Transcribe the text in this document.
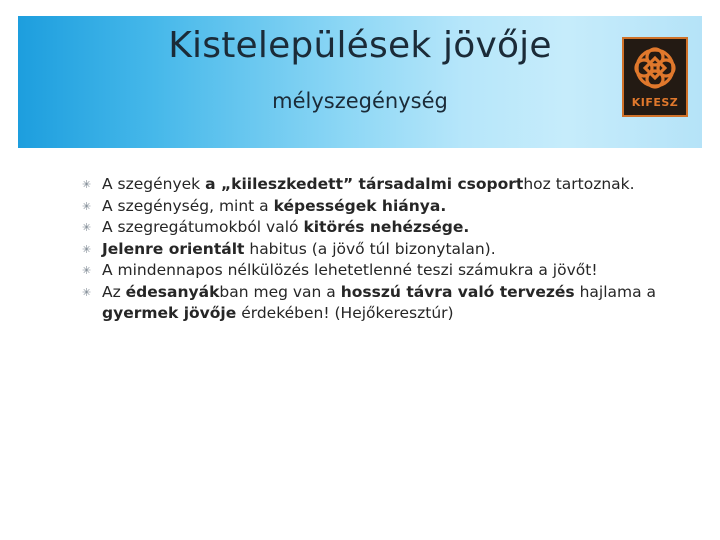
Kistelepülések jövője
mélyszegénység	KIFESZ
✳ A szegények a „kiileszkedett” társadalmi csoporthoz tartoznak.
✳ A szegénység, mint a képességek hiánya.
✳ A szegregátumokból való kitörés nehézsége.
✳ Jelenre orientált habitus (a jövő túl bizonytalan).
✳ A mindennapos nélkülözés lehetetlenné teszi számukra a jövőt!
✳ Az édesanyákban meg van a hosszú távra való tervezés hajlama a gyermek jövője érdekében! (Hejőkeresztúr)
